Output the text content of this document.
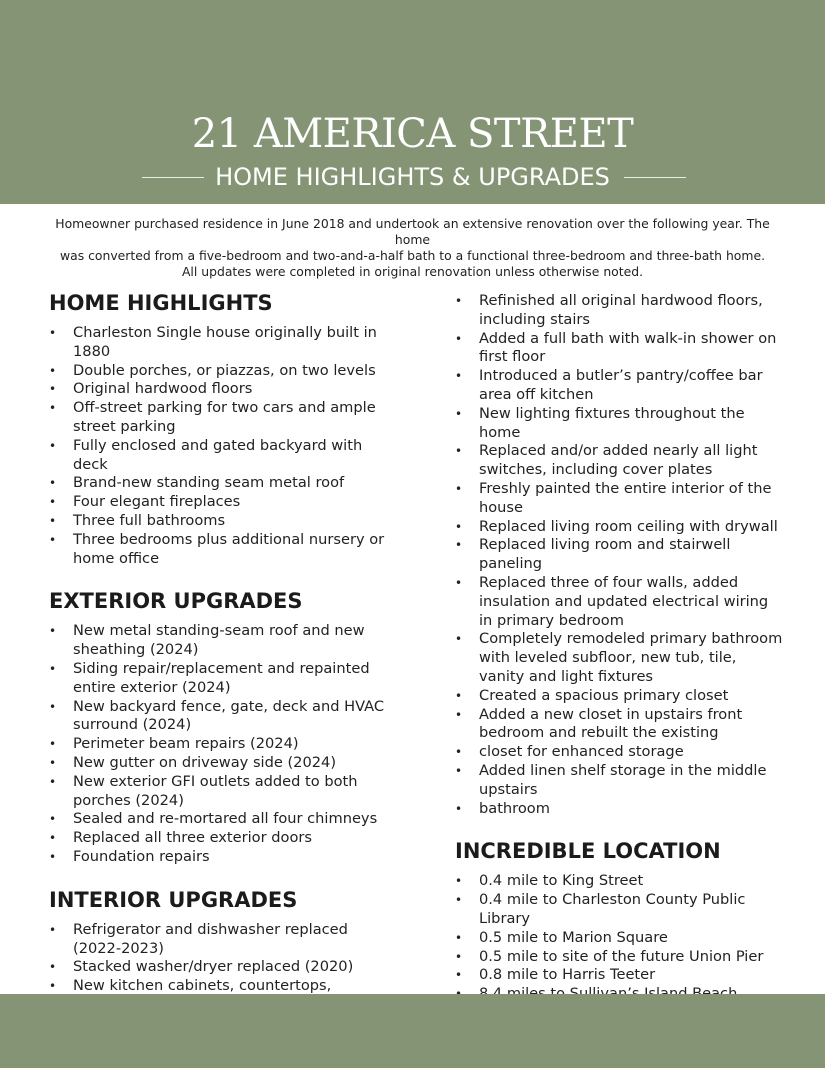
21 AMERICA STREET
HOME HIGHLIGHTS & UPGRADES
Homeowner purchased residence in June 2018 and undertook an extensive renovation over the following year. The home
was converted from a five-bedroom and two-and-a-half bath to a functional three-bedroom and three-bath home.
All updates were completed in original renovation unless otherwise noted.
HOME HIGHLIGHTS
• Charleston Single house originally built in 1880
• Double porches, or piazzas, on two levels
• Original hardwood floors
• Off-street parking for two cars and ample street parking
• Fully enclosed and gated backyard with deck
• Brand-new standing seam metal roof
• Four elegant fireplaces
• Three full bathrooms
• Three bedrooms plus additional nursery or home office
EXTERIOR UPGRADES
• New metal standing-seam roof and new sheathing (2024)
• Siding repair/replacement and repainted entire exterior (2024)
• New backyard fence, gate, deck and HVAC surround (2024)
• Perimeter beam repairs (2024)
• New gutter on driveway side (2024)
• New exterior GFI outlets added to both porches (2024)
• Sealed and re-mortared all four chimneys
• Replaced all three exterior doors
• Foundation repairs
INTERIOR UPGRADES
• Refrigerator and dishwasher replaced (2022-2023)
• Stacked washer/dryer replaced (2020)
• New kitchen cabinets, countertops,
•
• Refinished all original hardwood floors, including stairs
• Added a full bath with walk-in shower on first floor
• Introduced a butler’s pantry/coffee bar area off kitchen
• New lighting fixtures throughout the home
• Replaced and/or added nearly all light switches, including cover plates
• Freshly painted the entire interior of the house
• Replaced living room ceiling with drywall
• Replaced living room and stairwell paneling
• Replaced three of four walls, added insulation and updated electrical wiring in primary bedroom
• Completely remodeled primary bathroom with leveled subfloor, new tub, tile, vanity and light fixtures
• Created a spacious primary closet
• Added a new closet in upstairs front bedroom and rebuilt the existing
• closet for enhanced storage
• Added linen shelf storage in the middle upstairs
• bathroom
INCREDIBLE LOCATION
• 0.4 mile to King Street
• 0.4 mile to Charleston County Public Library
• 0.5 mile to Marion Square
• 0.5 mile to site of the future Union Pier
• 0.8 mile to Harris Teeter
•
•
